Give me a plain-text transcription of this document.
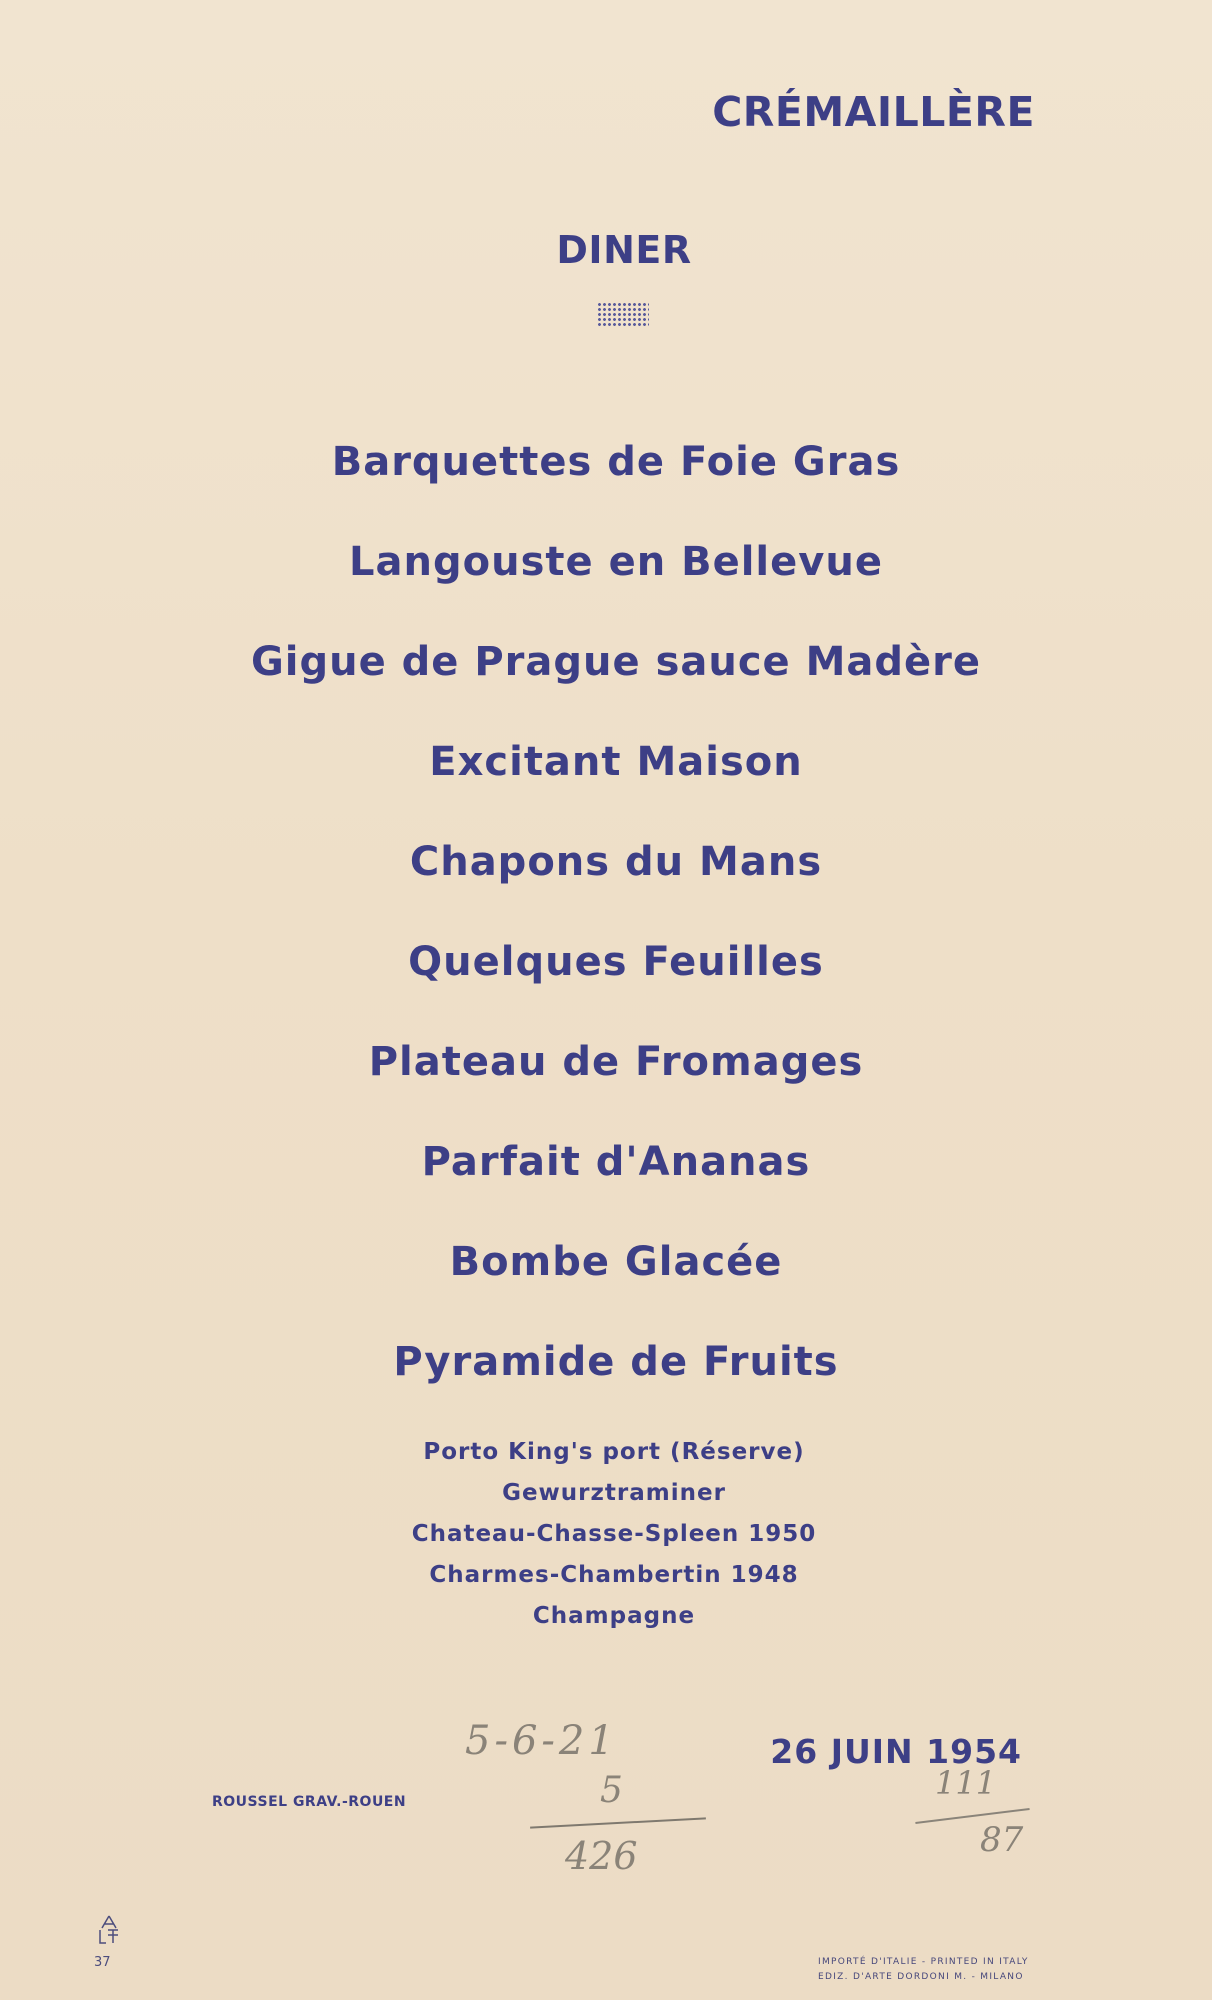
CRÉMAILLÈRE
DINER
Barquettes de Foie Gras
Langouste en Bellevue
Gigue de Prague sauce Madère
Excitant Maison
Chapons du Mans
Quelques Feuilles
Plateau de Fromages
Parfait d'Ananas
Bombe Glacée
Pyramide de Fruits
Porto King's port (Réserve)
Gewurztraminer
Chateau-Chasse-Spleen 1950
Charmes-Chambertin 1948
Champagne
5-6-21
5
426
26 JUIN 1954
111
87
ROUSSEL GRAV.-ROUEN
37	IMPORTÉ D'ITALIE - PRINTED IN ITALY
EDIZ. D'ARTE DORDONI M. - MILANO
